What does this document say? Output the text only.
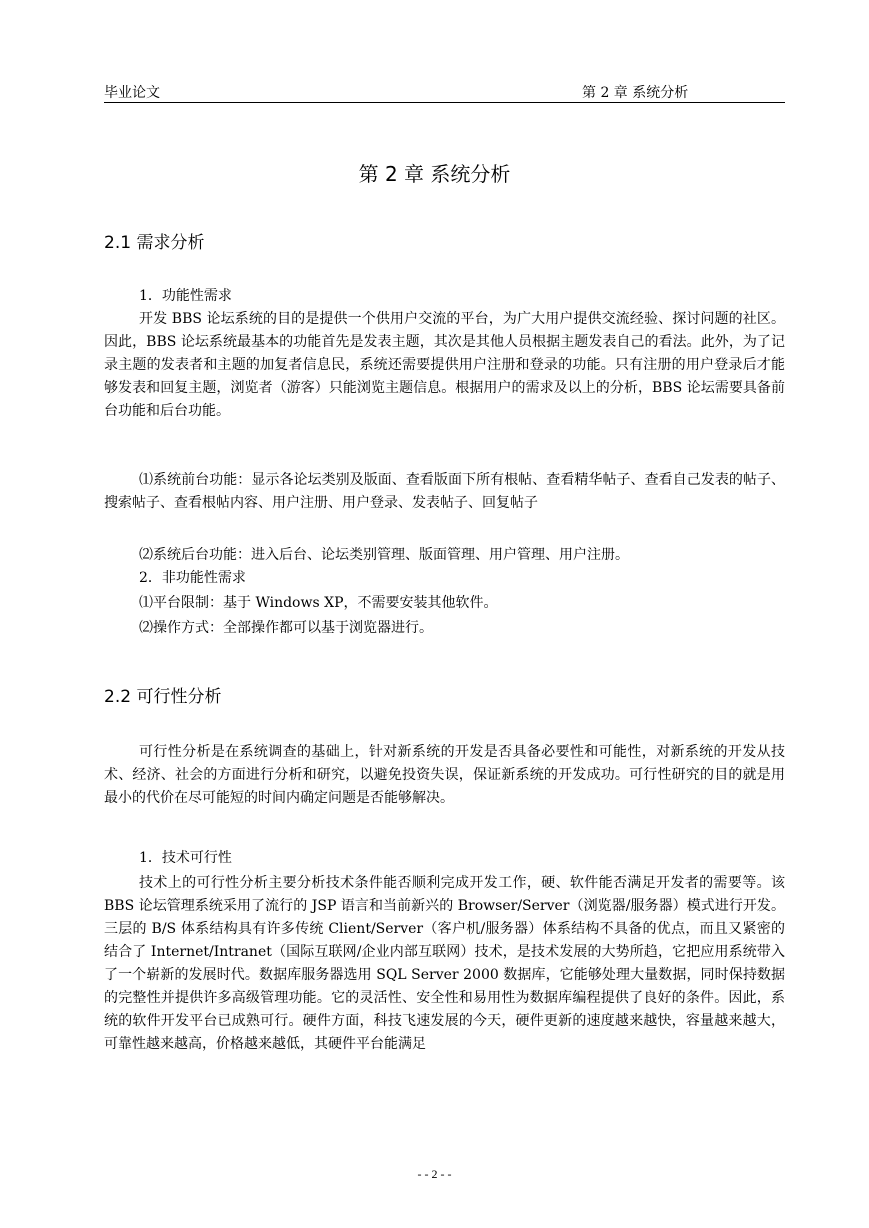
毕业论文	第 2 章 系统分析
第 2 章 系统分析
2.1 需求分析

1．功能性需求

开发 BBS 论坛系统的目的是提供一个供用户交流的平台，为广大用户提供交流经验、探讨问题的社区。因此，BBS 论坛系统最基本的功能首先是发表主题，其次是其他人员根据主题发表自己的看法。此外，为了记录主题的发表者和主题的加复者信息民，系统还需要提供用户注册和登录的功能。只有注册的用户登录后才能够发表和回复主题，浏览者（游客）只能浏览主题信息。根据用户的需求及以上的分析，BBS 论坛需要具备前台功能和后台功能。

⑴系统前台功能：显示各论坛类别及版面、查看版面下所有根帖、查看精华帖子、查看自己发表的帖子、搜索帖子、查看根帖内容、用户注册、用户登录、发表帖子、回复帖子

⑵系统后台功能：进入后台、论坛类别管理、版面管理、用户管理、用户注册。

2．非功能性需求

⑴平台限制：基于 Windows XP，不需要安装其他软件。

⑵操作方式：全部操作都可以基于浏览器进行。

2.2 可行性分析

可行性分析是在系统调查的基础上，针对新系统的开发是否具备必要性和可能性，对新系统的开发从技术、经济、社会的方面进行分析和研究，以避免投资失误，保证新系统的开发成功。可行性研究的目的就是用最小的代价在尽可能短的时间内确定问题是否能够解决。

1．技术可行性

技术上的可行性分析主要分析技术条件能否顺利完成开发工作，硬、软件能否满足开发者的需要等。该 BBS 论坛管理系统采用了流行的 JSP 语言和当前新兴的 Browser/Server（浏览器/服务器）模式进行开发。三层的 B/S 体系结构具有许多传统 Client/Server（客户机/服务器）体系结构不具备的优点，而且又紧密的结合了 Internet/Intranet（国际互联网/企业内部互联网）技术，是技术发展的大势所趋，它把应用系统带入了一个崭新的发展时代。数据库服务器选用 SQL Server 2000 数据库，它能够处理大量数据，同时保持数据的完整性并提供许多高级管理功能。它的灵活性、安全性和易用性为数据库编程提供了良好的条件。因此，系统的软件开发平台已成熟可行。硬件方面，科技飞速发展的今天，硬件更新的速度越来越快，容量越来越大，可靠性越来越高，价格越来越低，其硬件平台能满足

- - 2 - -
